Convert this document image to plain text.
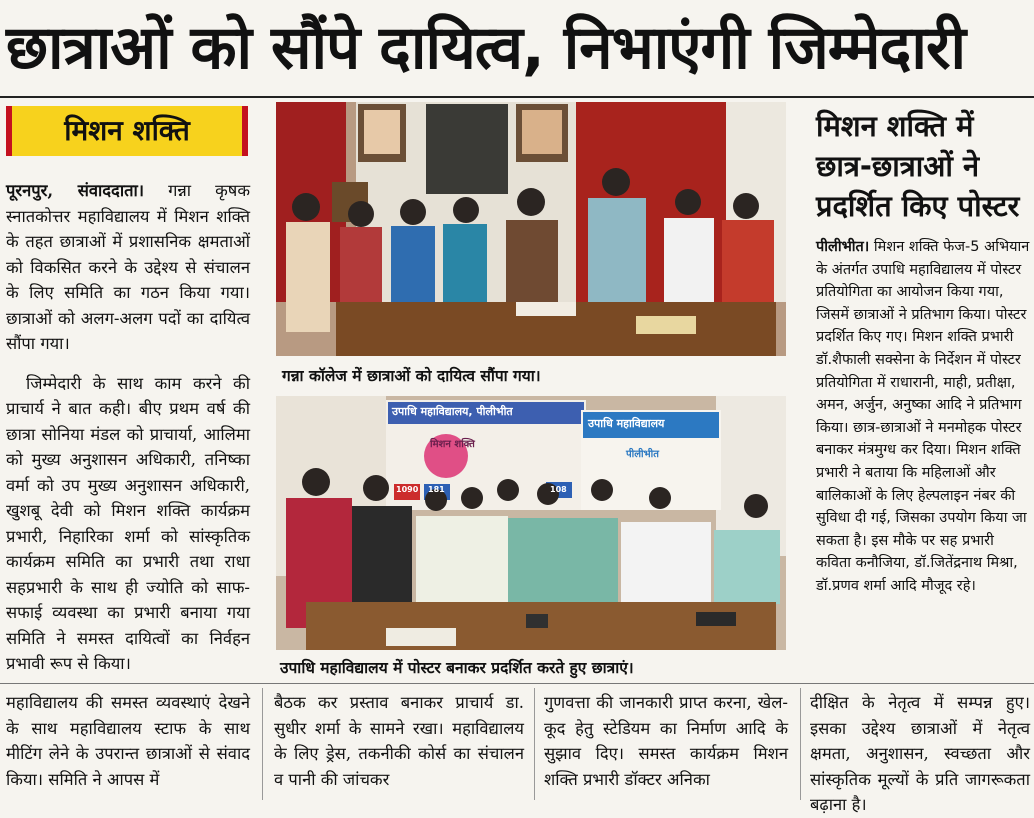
छात्राओं को सौंपे दायित्व, निभाएंगी जिम्मेदारी
मिशन शक्ति

पूरनपुर, संवाददाता। गन्ना कृषक स्नातकोत्तर महाविद्यालय में मिशन शक्ति के तहत छात्राओं में प्रशासनिक क्षमताओं को विकसित करने के उद्देश्य से संचालन के लिए समिति का गठन किया गया। छात्राओं को अलग-अलग पदों का दायित्व सौंपा गया।

जिम्मेदारी के साथ काम करने की प्राचार्य ने बात कही। बीए प्रथम वर्ष की छात्रा सोनिया मंडल को प्राचार्या, आलिमा को मुख्य अनुशासन अधिकारी, तनिष्का वर्मा को उप मुख्य अनुशासन अधिकारी, खुशबू देवी को मिशन शक्ति कार्यक्रम प्रभारी, निहारिका शर्मा को सांस्कृतिक कार्यक्रम समिति का प्रभारी तथा राधा सहप्रभारी के साथ ही ज्योति को साफ-सफाई व्यवस्था का प्रभारी बनाया गया समिति ने समस्त दायित्वों का निर्वहन प्रभावी रूप से किया।

गन्ना कॉलेज में छात्राओं को दायित्व सौंपा गया।
उपाधि महाविद्यालय, पीलीभीत
मिशन शक्ति
उपाधि महाविद्यालय
पीलीभीत
1090 181	108
उपाधि महाविद्यालय में पोस्टर बनाकर प्रदर्शित करते हुए छात्राएं।
मिशन शक्ति में छात्र-छात्राओं ने प्रदर्शित किए पोस्टर
पीलीभीत। मिशन शक्ति फेज-5 अभियान के अंतर्गत उपाधि महाविद्यालय में पोस्टर प्रतियोगिता का आयोजन किया गया, जिसमें छात्राओं ने प्रतिभाग किया। पोस्टर प्रदर्शित किए गए। मिशन शक्ति प्रभारी डॉ.शैफाली सक्सेना के निर्देशन में पोस्टर प्रतियोगिता में राधारानी, माही, प्रतीक्षा, अमन, अर्जुन, अनुष्का आदि ने प्रतिभाग किया। छात्र-छात्राओं ने मनमोहक पोस्टर बनाकर मंत्रमुग्ध कर दिया। मिशन शक्ति प्रभारी ने बताया कि महिलाओं और बालिकाओं के लिए हेल्पलाइन नंबर की सुविधा दी गई, जिसका उपयोग किया जा सकता है। इस मौके पर सह प्रभारी कविता कनौजिया, डॉ.जितेंद्रनाथ मिश्रा, डॉ.प्रणव शर्मा आदि मौजूद रहे।
महाविद्यालय की समस्त व्यवस्थाएं देखने के साथ महाविद्यालय स्टाफ के साथ मीटिंग लेने के उपरान्त छात्राओं से संवाद किया। समिति ने आपस में
बैठक कर प्रस्ताव बनाकर प्राचार्य डा. सुधीर शर्मा के सामने रखा। महाविद्यालय के लिए ड्रेस, तकनीकी कोर्स का संचालन व पानी की जांचकर
गुणवत्ता की जानकारी प्राप्त करना, खेल-कूद हेतु स्टेडियम का निर्माण आदि के सुझाव दिए। समस्त कार्यक्रम मिशन शक्ति प्रभारी डॉक्टर अनिका
दीक्षित के नेतृत्व में सम्पन्न हुए। इसका उद्देश्य छात्राओं में नेतृत्व क्षमता, अनुशासन, स्वच्छता और सांस्कृतिक मूल्यों के प्रति जागरूकता बढ़ाना है।
